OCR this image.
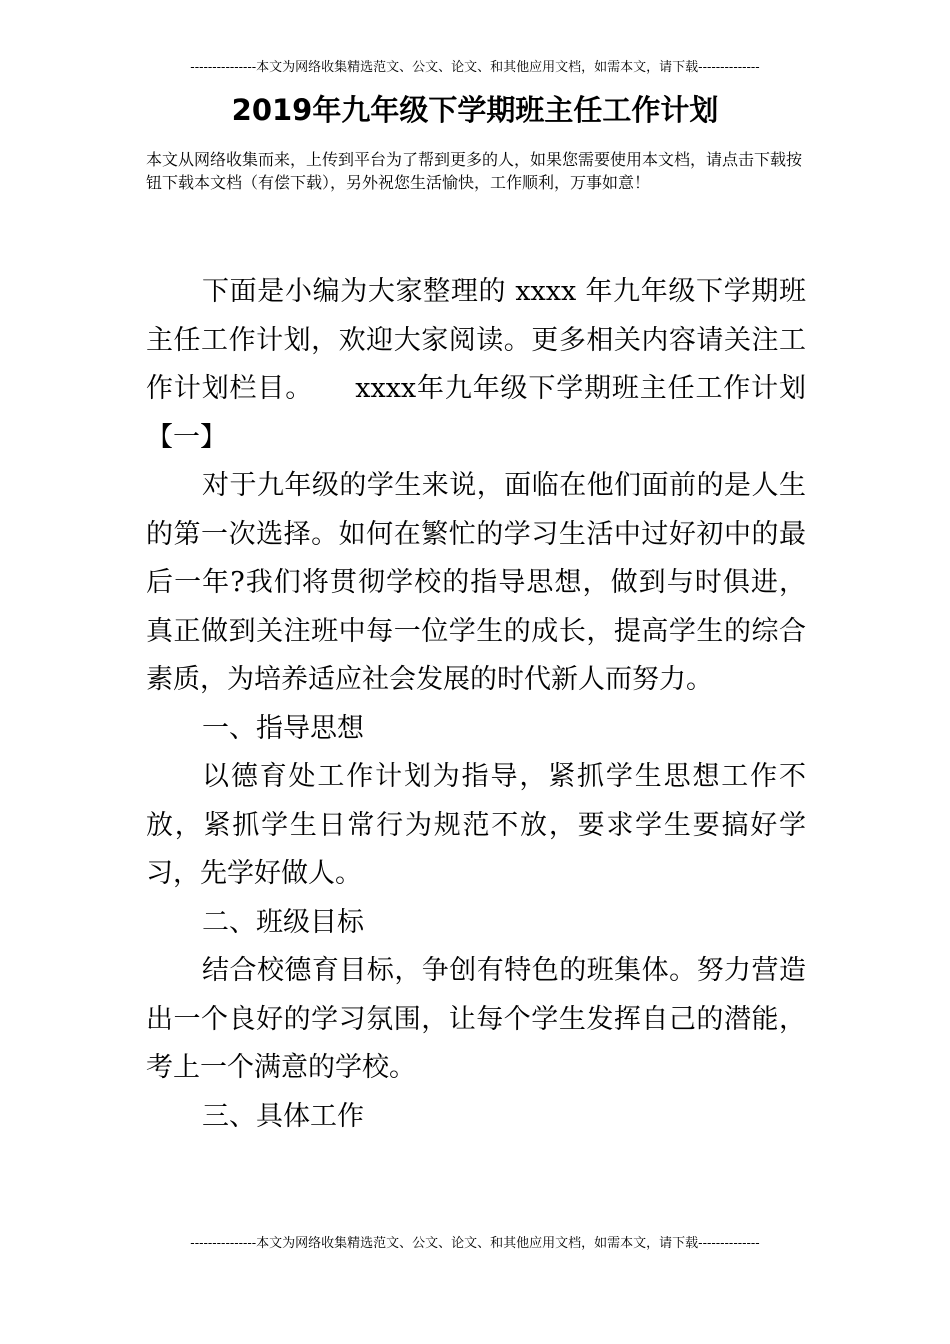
---------------本文为网络收集精选范文、公文、论文、和其他应用文档，如需本文，请下载--------------
2019年九年级下学期班主任工作计划
本文从网络收集而来，上传到平台为了帮到更多的人，如果您需要使用本文档，请点击下载按钮下载本文档（有偿下载），另外祝您生活愉快，工作顺利，万事如意！

下面是小编为大家整理的 xxxx 年九年级下学期班主任工作计划，欢迎大家阅读。更多相关内容请关注工作计划栏目。　　xxxx年九年级下学期班主任工作计划【一】

对于九年级的学生来说，面临在他们面前的是人生的第一次选择。如何在繁忙的学习生活中过好初中的最后一年?我们将贯彻学校的指导思想，做到与时俱进，真正做到关注班中每一位学生的成长，提高学生的综合素质，为培养适应社会发展的时代新人而努力。

一、指导思想

以德育处工作计划为指导，紧抓学生思想工作不放，紧抓学生日常行为规范不放，要求学生要搞好学习，先学好做人。

二、班级目标

结合校德育目标，争创有特色的班集体。努力营造出一个良好的学习氛围，让每个学生发挥自己的潜能，考上一个满意的学校。

三、具体工作

---------------本文为网络收集精选范文、公文、论文、和其他应用文档，如需本文，请下载--------------
